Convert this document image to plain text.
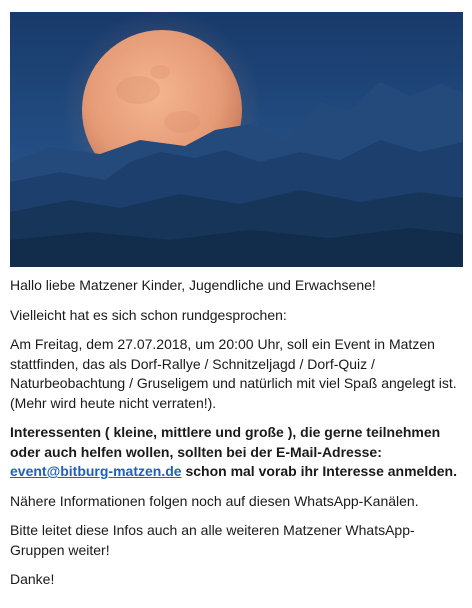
Hallo liebe Matzener Kinder, Jugendliche und Erwachsene!

Vielleicht hat es sich schon rundgesprochen:

Am Freitag, dem 27.07.2018, um 20:00 Uhr, soll ein Event in Matzen stattfinden, das als Dorf-Rallye / Schnitzeljagd / Dorf-Quiz / Naturbeobachtung / Gruseligem und natürlich mit viel Spaß angelegt ist. (Mehr wird heute nicht verraten!).

Interessenten ( kleine, mittlere und große ), die gerne teilnehmen oder auch helfen wollen, sollten bei der E-Mail-Adresse: event@bitburg-matzen.de schon mal vorab ihr Interesse anmelden.

Nähere Informationen folgen noch auf diesen WhatsApp-Kanälen.

Bitte leitet diese Infos auch an alle weiteren Matzener WhatsApp-Gruppen weiter!

Danke!
